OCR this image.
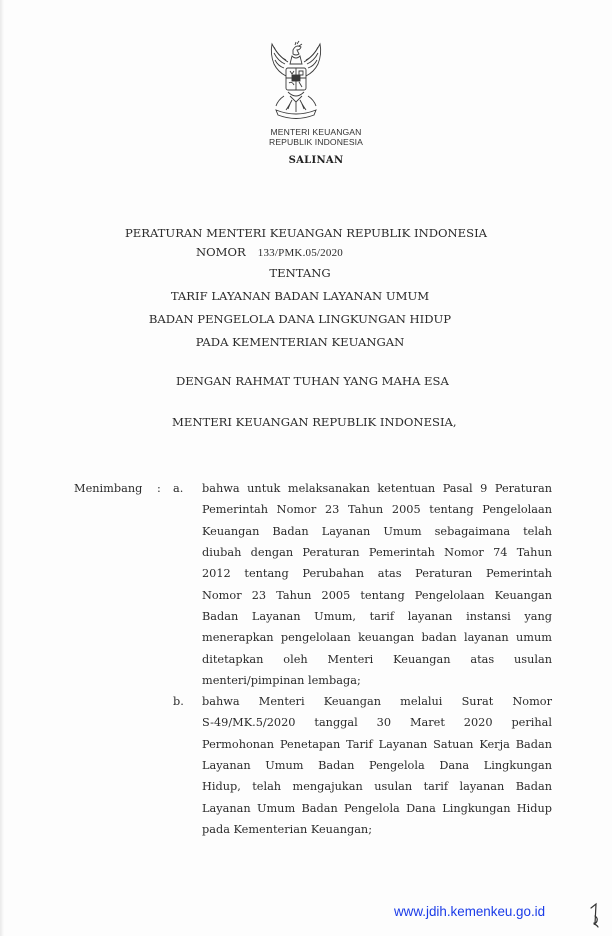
MENTERI KEUANGAN
REPUBLIK INDONESIA
SALINAN
PERATURAN MENTERI KEUANGAN REPUBLIK INDONESIA
NOMOR 133/PMK.05/2020
TENTANG
TARIF LAYANAN BADAN LAYANAN UMUM
BADAN PENGELOLA DANA LINGKUNGAN HIDUP
PADA KEMENTERIAN KEUANGAN
DENGAN RAHMAT TUHAN YANG MAHA ESA
MENTERI KEUANGAN REPUBLIK INDONESIA,
Menimbang : a. bahwa untuk melaksanakan ketentuan Pasal 9 Peraturan
Pemerintah Nomor 23 Tahun 2005 tentang Pengelolaan
Keuangan Badan Layanan Umum sebagaimana telah
diubah dengan Peraturan Pemerintah Nomor 74 Tahun
2012 tentang Perubahan atas Peraturan Pemerintah
Nomor 23 Tahun 2005 tentang Pengelolaan Keuangan
Badan Layanan Umum, tarif layanan instansi yang
menerapkan pengelolaan keuangan badan layanan umum
ditetapkan oleh Menteri Keuangan atas usulan
menteri/pimpinan lembaga;
b. bahwa Menteri Keuangan melalui Surat Nomor
S-49/MK.5/2020 tanggal 30 Maret 2020 perihal
Permohonan Penetapan Tarif Layanan Satuan Kerja Badan
Layanan Umum Badan Pengelola Dana Lingkungan
Hidup, telah mengajukan usulan tarif layanan Badan
Layanan Umum Badan Pengelola Dana Lingkungan Hidup
pada Kementerian Keuangan;
www.jdih.kemenkeu.go.id
